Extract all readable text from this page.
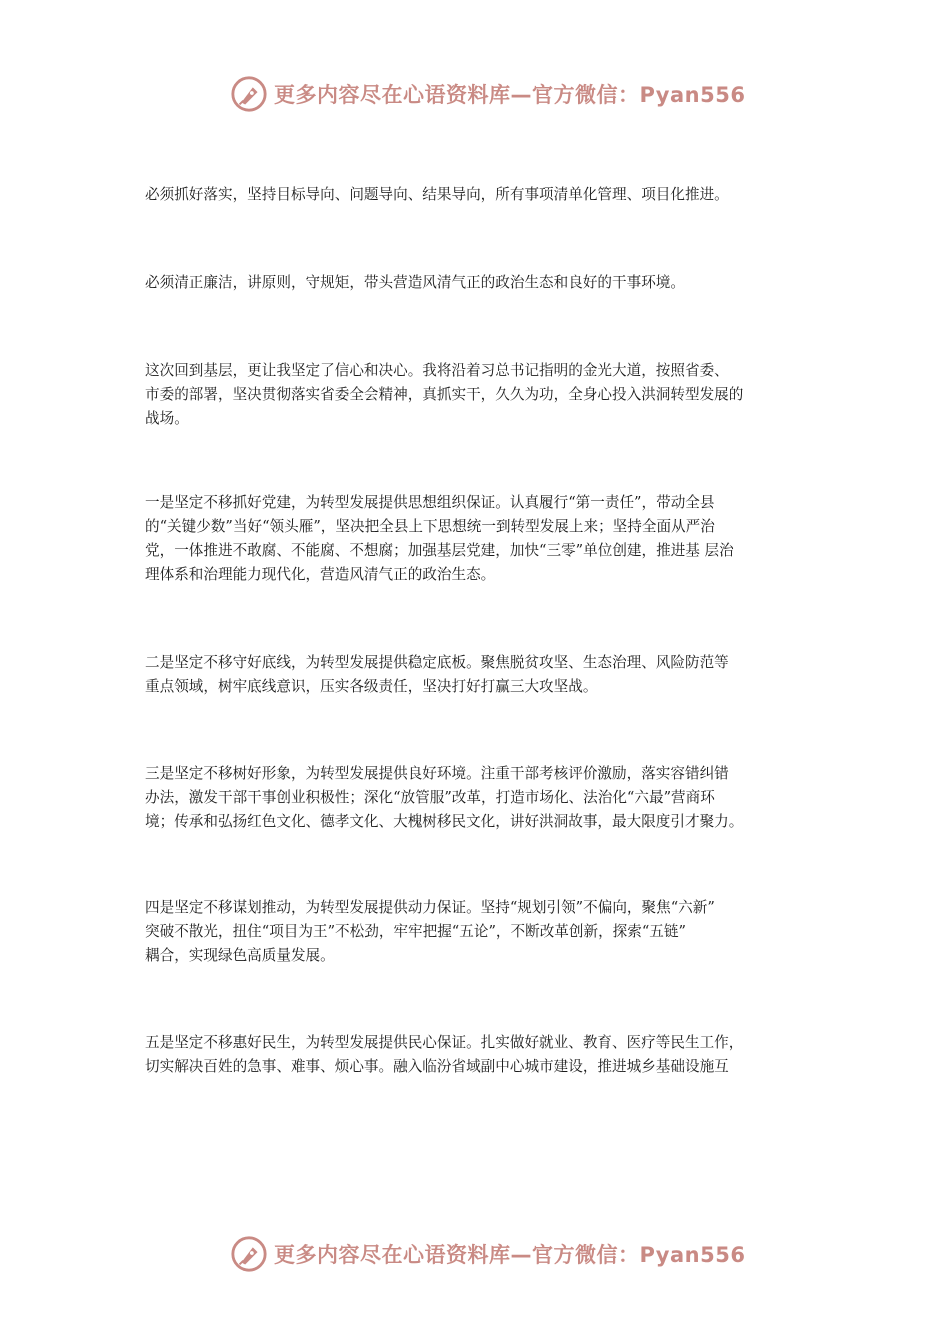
更多内容尽在心语资料库—官方微信：Pyan556

必须抓好落实，坚持目标导向、问题导向、结果导向，所有事项清单化管理、项目化推进。

必须清正廉洁，讲原则，守规矩，带头营造风清气正的政治生态和良好的干事环境。

这次回到基层，更让我坚定了信心和决心。我将沿着习总书记指明的金光大道，按照省委、
市委的部署，坚决贯彻落实省委全会精神，真抓实干，久久为功，全身心投入洪洞转型发展的
战场。

一是坚定不移抓好党建，为转型发展提供思想组织保证。认真履行“第一责任”，带动全县
的“关键少数”当好“领头雁”，坚决把全县上下思想统一到转型发展上来；坚持全面从严治
党，一体推进不敢腐、不能腐、不想腐；加强基层党建，加快“三零”单位创建，推进基 层治
理体系和治理能力现代化，营造风清气正的政治生态。

二是坚定不移守好底线，为转型发展提供稳定底板。聚焦脱贫攻坚、生态治理、风险防范等
重点领域，树牢底线意识，压实各级责任，坚决打好打赢三大攻坚战。

三是坚定不移树好形象，为转型发展提供良好环境。注重干部考核评价激励，落实容错纠错
办法，激发干部干事创业积极性；深化“放管服”改革，打造市场化、法治化“六最”营商环
境；传承和弘扬红色文化、德孝文化、大槐树移民文化，讲好洪洞故事，最大限度引才聚力。

四是坚定不移谋划推动，为转型发展提供动力保证。坚持“规划引领”不偏向，聚焦“六新”
突破不散光，扭住“项目为王”不松劲，牢牢把握“五论”，不断改革创新，探索“五链”
耦合，实现绿色高质量发展。

五是坚定不移惠好民生，为转型发展提供民心保证。扎实做好就业、教育、医疗等民生工作，
切实解决百姓的急事、难事、烦心事。融入临汾省域副中心城市建设，推进城乡基础设施互

更多内容尽在心语资料库—官方微信：Pyan556
